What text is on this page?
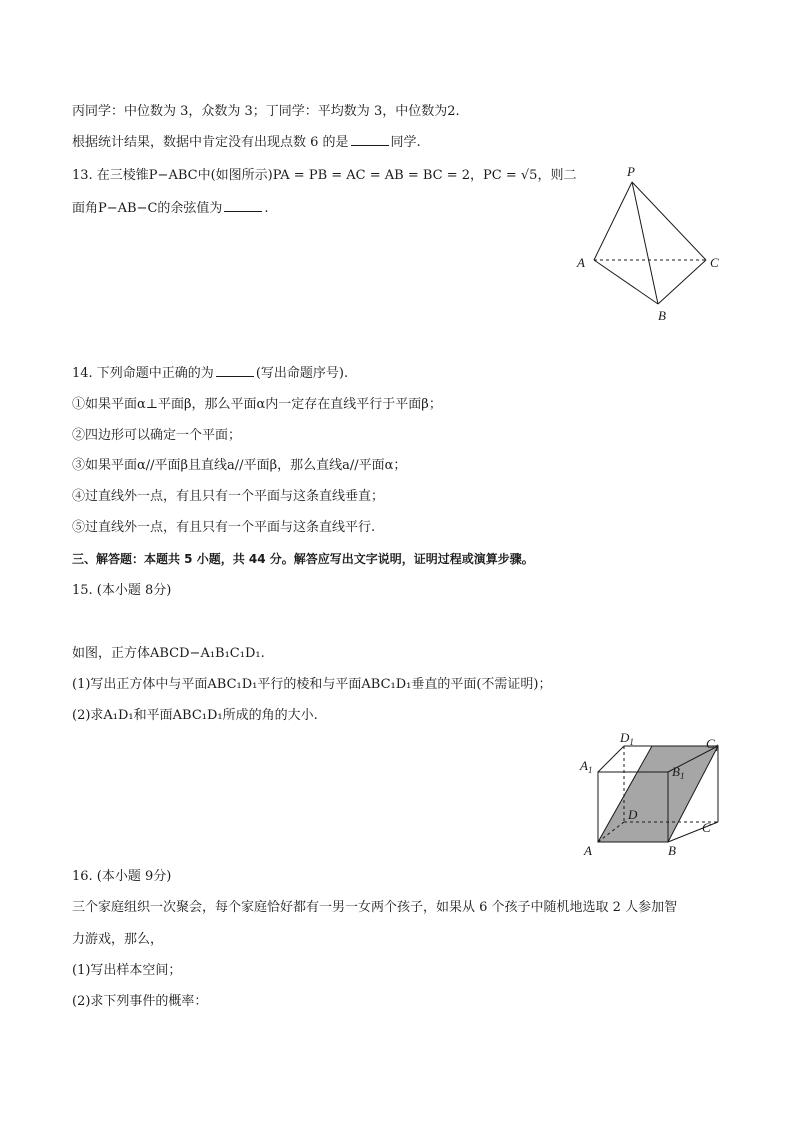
丙同学：中位数为 3，众数为 3；丁同学：平均数为 3，中位数为2.
根据统计结果，数据中肯定没有出现点数 6 的是	同学.
13. 在三棱锥P−ABC中(如图所示)PA = PB = AC = AB = BC = 2，PC = √5，则二
面角P−AB−C的余弦值为	.
P
A	C
B
14. 下列命题中正确的为	(写出命题序号).
①如果平面α⊥平面β，那么平面α内一定存在直线平行于平面β；
②四边形可以确定一个平面；
③如果平面α//平面β且直线a//平面β，那么直线a//平面α；
④过直线外一点，有且只有一个平面与这条直线垂直；
⑤过直线外一点，有且只有一个平面与这条直线平行.
三、解答题：本题共 5 小题，共 44 分。解答应写出文字说明，证明过程或演算步骤。
15. (本小题 8分)
如图，正方体ABCD−A₁B₁C₁D₁.
(1)写出正方体中与平面ABC₁D₁平行的棱和与平面ABC₁D₁垂直的平面(不需证明)；
(2)求A₁D₁和平面ABC₁D₁所成的角的大小.
$D_1$	$C_1$
$A_1$	$B_1$
D
C
A	B
16. (本小题 9分)
三个家庭组织一次聚会，每个家庭恰好都有一男一女两个孩子，如果从 6 个孩子中随机地选取 2 人参加智
力游戏，那么，
(1)写出样本空间；
(2)求下列事件的概率：
